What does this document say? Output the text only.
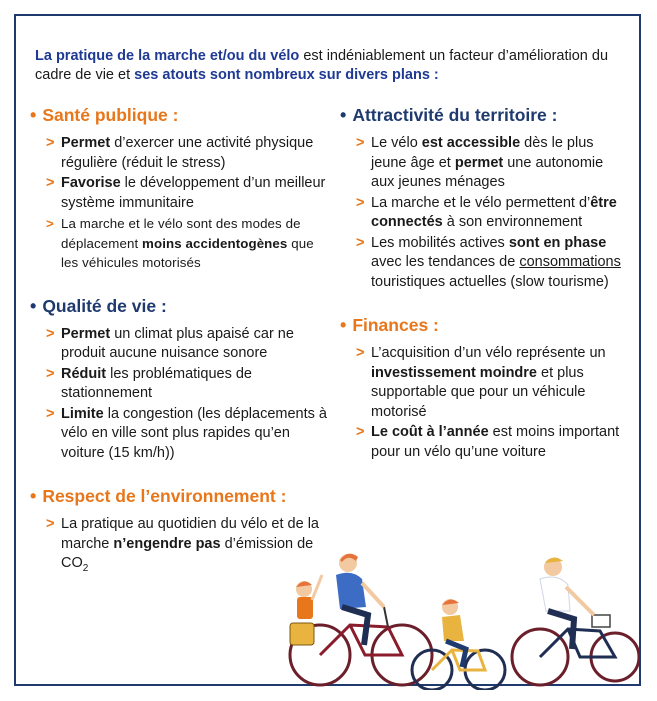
La pratique de la marche et/ou du vélo est indéniablement un facteur d’amélioration du cadre de vie et ses atouts sont nombreux sur divers plans :
• Santé publique :
> Permet d’exercer une activité physique régulière (réduit le stress)
> Favorise le développement d’un meilleur système immunitaire
> La marche et le vélo sont des modes de déplacement moins accidentogènes que les véhicules motorisés
• Qualité de vie :
> Permet un climat plus apaisé car ne produit aucune nuisance sonore
> Réduit les problématiques de stationnement
> Limite la congestion (les déplacements à vélo en ville sont plus rapides qu’en voiture (15 km/h))
• Respect de l’environnement :
> La pratique au quotidien du vélo et de la marche n’engendre pas d’émission de $CO_2$
• Attractivité du territoire :
> Le vélo est accessible dès le plus jeune âge et permet une autonomie aux jeunes ménages
> La marche et le vélo permettent d’être connectés à son environnement
> Les mobilités actives sont en phase avec les tendances de consommations touristiques actuelles (slow tourisme)
• Finances :
> L’acquisition d’un vélo représente un investissement moindre et plus supportable que pour un véhicule motorisé
> Le coût à l’année est moins important pour un vélo qu’une voiture
